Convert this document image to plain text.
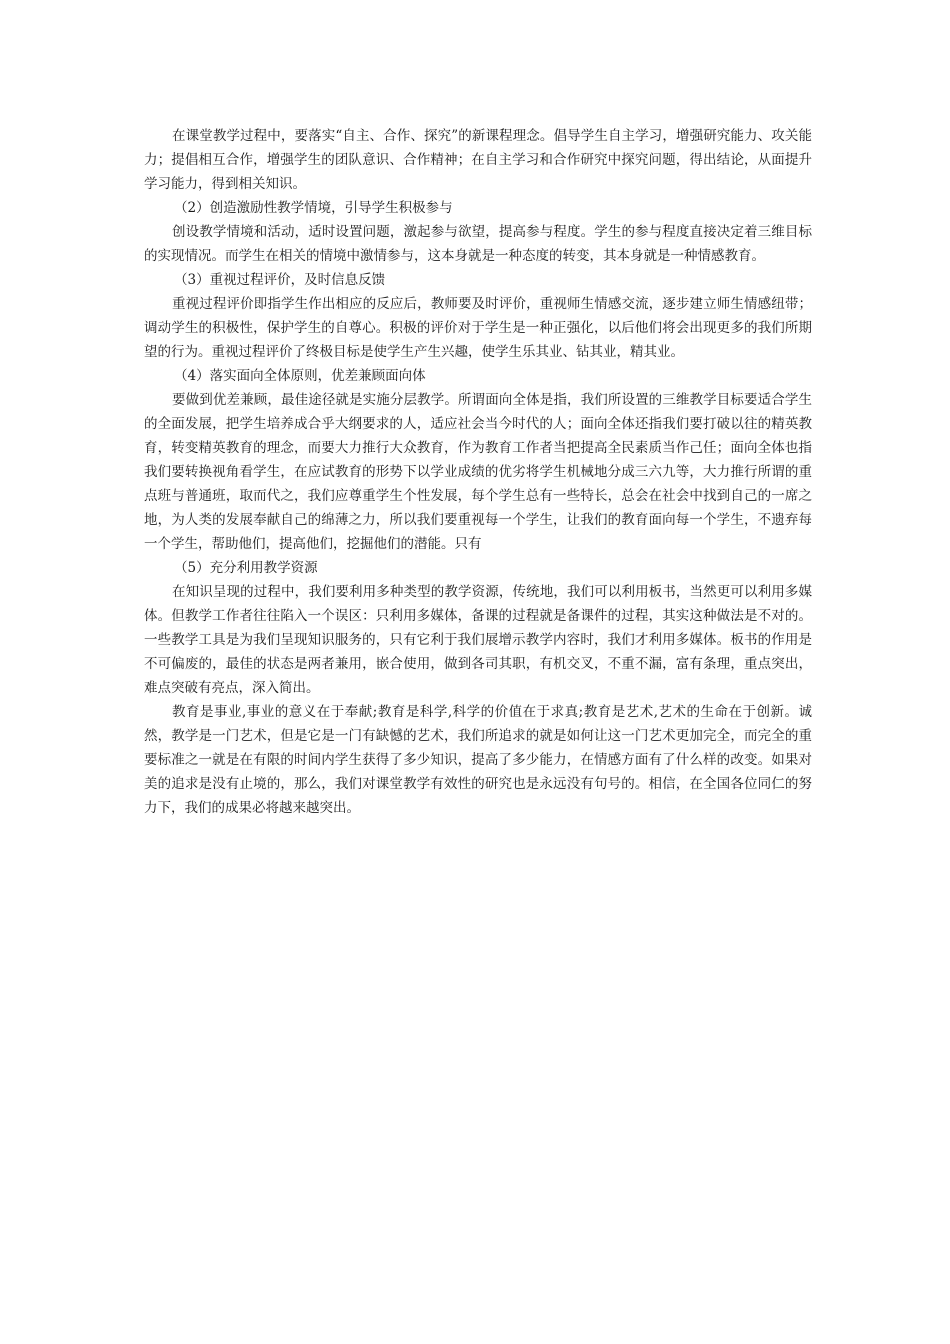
在课堂教学过程中，要落实“自主、合作、探究”的新课程理念。倡导学生自主学习，增强研究能力、攻关能力；提倡相互合作，增强学生的团队意识、合作精神；在自主学习和合作研究中探究问题，得出结论，从面提升学习能力，得到相关知识。

（2）创造激励性教学情境，引导学生积极参与

创设教学情境和活动，适时设置问题，激起参与欲望，提高参与程度。学生的参与程度直接决定着三维目标的实现情况。而学生在相关的情境中激情参与，这本身就是一种态度的转变，其本身就是一种情感教育。

（3）重视过程评价，及时信息反馈

重视过程评价即指学生作出相应的反应后，教师要及时评价，重视师生情感交流，逐步建立师生情感纽带；调动学生的积极性，保护学生的自尊心。积极的评价对于学生是一种正强化，以后他们将会出现更多的我们所期望的行为。重视过程评价了终极目标是使学生产生兴趣，使学生乐其业、钻其业，精其业。

（4）落实面向全体原则，优差兼顾面向体

要做到优差兼顾，最佳途径就是实施分层教学。所谓面向全体是指，我们所设置的三维教学目标要适合学生的全面发展，把学生培养成合乎大纲要求的人，适应社会当今时代的人；面向全体还指我们要打破以往的精英教育，转变精英教育的理念，而要大力推行大众教育，作为教育工作者当把提高全民素质当作己任；面向全体也指我们要转换视角看学生，在应试教育的形势下以学业成绩的优劣将学生机械地分成三六九等，大力推行所谓的重点班与普通班，取而代之，我们应尊重学生个性发展，每个学生总有一些特长，总会在社会中找到自己的一席之地，为人类的发展奉献自己的绵薄之力，所以我们要重视每一个学生，让我们的教育面向每一个学生，不遗弃每一个学生，帮助他们，提高他们，挖掘他们的潜能。只有

（5）充分利用教学资源

在知识呈现的过程中，我们要利用多种类型的教学资源，传统地，我们可以利用板书，当然更可以利用多媒体。但教学工作者往往陷入一个误区：只利用多媒体，备课的过程就是备课件的过程，其实这种做法是不对的。一些教学工具是为我们呈现知识服务的，只有它利于我们展增示教学内容时，我们才利用多媒体。板书的作用是不可偏废的，最佳的状态是两者兼用，嵌合使用，做到各司其职，有机交叉，不重不漏，富有条理，重点突出，难点突破有亮点，深入简出。

教育是事业,事业的意义在于奉献;教育是科学,科学的价值在于求真;教育是艺术,艺术的生命在于创新。诚然，教学是一门艺术，但是它是一门有缺憾的艺术，我们所追求的就是如何让这一门艺术更加完全，而完全的重要标准之一就是在有限的时间内学生获得了多少知识，提高了多少能力，在情感方面有了什么样的改变。如果对美的追求是没有止境的，那么，我们对课堂教学有效性的研究也是永远没有句号的。相信，在全国各位同仁的努力下，我们的成果必将越来越突出。
